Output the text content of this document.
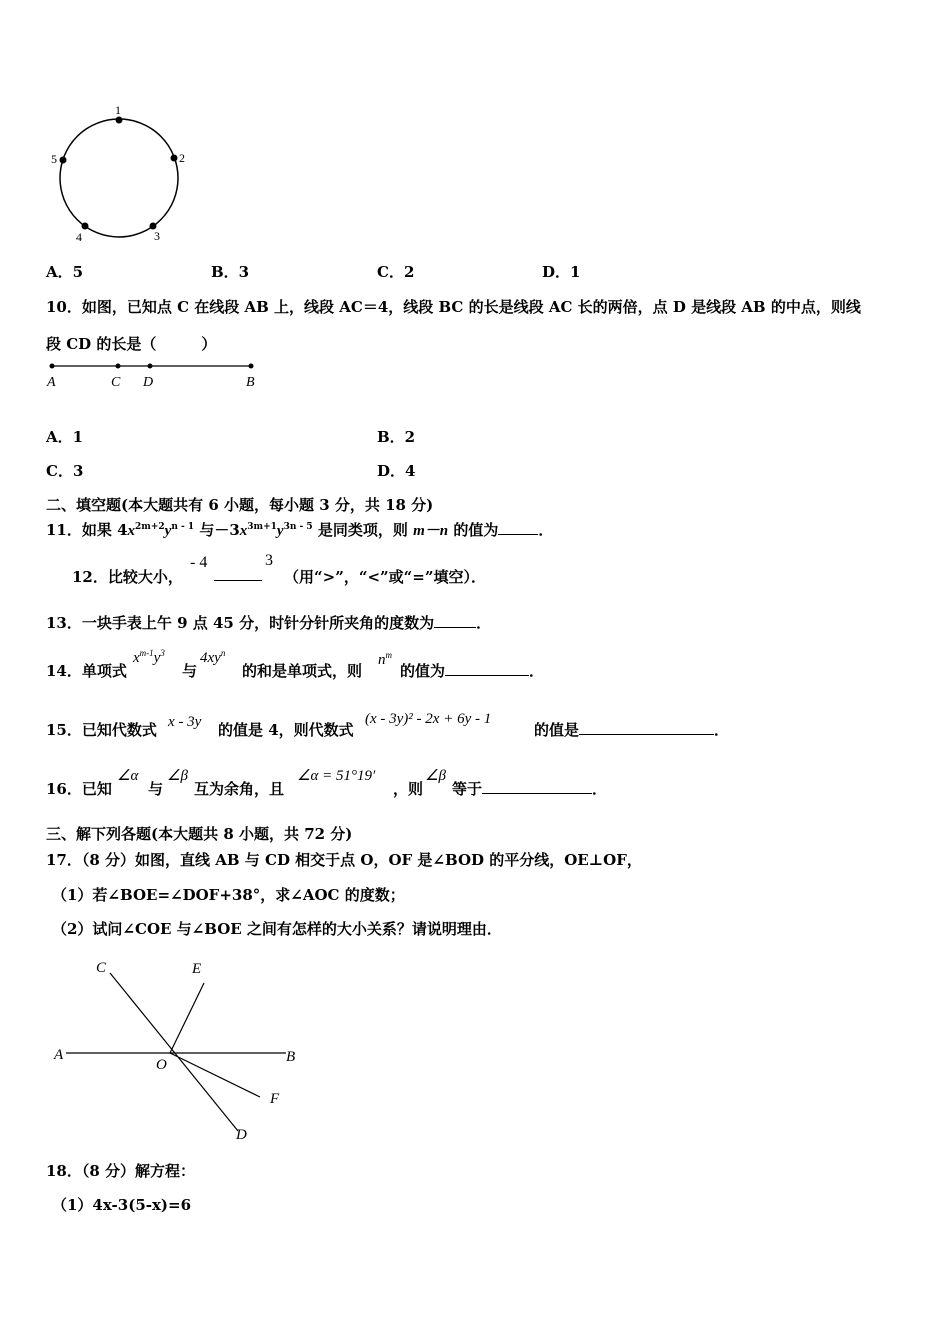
1
2
3
4
5
A．5	B．3	C．2	D．1
10．如图，已知点 C 在线段 AB 上，线段 AC＝4，线段 BC 的长是线段 AC 长的两倍，点 D 是线段 AB 的中点，则线
段 CD 的长是（　　　）
A	C D	B
A．1	B．2
C．3	D．4
二、填空题(本大题共有 6 小题，每小题 3 分，共 18 分)
11．如果 $4x^{2m+2}y^{n - 1}$ 与$-3x^{3m+1}y^{3n - 5}$ 是同类项，则 m－n 的值为	．
12．比较大小，
- 4	3
（用“>”，“<”或“=”填空）．
13．一块手表上午 9 点 45 分，时针分针所夹角的度数为	．
14．单项式
$x^{m-1}y^3$
与
$4xy^n$
的和是单项式，则
$n^m$
的值为	．
15．已知代数式 x - 3y 的值是 4，则代数式
(x - 3y)² - 2x + 6y - 1
的值是	．
16．已知
∠α
与
∠β
互为余角，且
∠α = 51°19′
，则
∠β
等于	．
三、解下列各题(本大题共 8 小题，共 72 分)
17．（8 分）如图，直线 AB 与 CD 相交于点 O，OF 是∠BOD 的平分线，OE⊥OF，
（1）若∠BOE=∠DOF+38°，求∠AOC 的度数；
（2）试问∠COE 与∠BOE 之间有怎样的大小关系？请说明理由．
C	E
A
O	B
F
D
18．（8 分）解方程：
（1）4x-3(5-x)=6
